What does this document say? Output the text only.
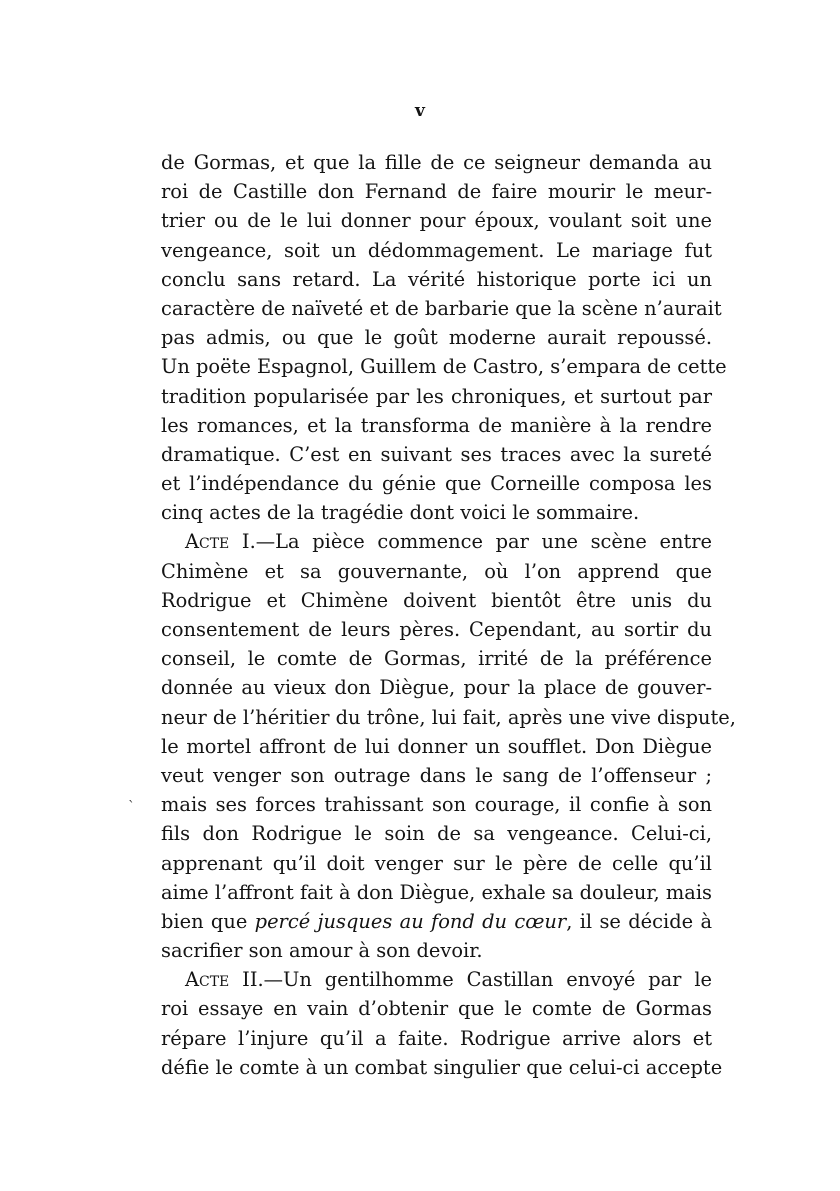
v
ˋ
de Gormas, et que la fille de ce seigneur demanda au
roi de Castille don Fernand de faire mourir le meur-
trier ou de le lui donner pour époux, voulant soit une
vengeance, soit un dédommagement. Le mariage fut
conclu sans retard. La vérité historique porte ici un
caractère de naïveté et de barbarie que la scène n’aurait
pas admis, ou que le goût moderne aurait repoussé.
Un poëte Espagnol, Guillem de Castro, s’empara de cette
tradition popularisée par les chroniques, et surtout par
les romances, et la transforma de manière à la rendre
dramatique. C’est en suivant ses traces avec la sureté
et l’indépendance du génie que Corneille composa les
cinq actes de la tragédie dont voici le sommaire.
Acte I.—La pièce commence par une scène entre
Chimène et sa gouvernante, où l’on apprend que
Rodrigue et Chimène doivent bientôt être unis du
consentement de leurs pères. Cependant, au sortir du
conseil, le comte de Gormas, irrité de la préférence
donnée au vieux don Diègue, pour la place de gouver-
neur de l’héritier du trône, lui fait, après une vive dispute,
le mortel affront de lui donner un soufflet. Don Diègue
veut venger son outrage dans le sang de l’offenseur ;
mais ses forces trahissant son courage, il confie à son
fils don Rodrigue le soin de sa vengeance. Celui-ci,
apprenant qu’il doit venger sur le père de celle qu’il
aime l’affront fait à don Diègue, exhale sa douleur, mais
bien que percé jusques au fond du cœur, il se décide à
sacrifier son amour à son devoir.
Acte II.—Un gentilhomme Castillan envoyé par le
roi essaye en vain d’obtenir que le comte de Gormas
répare l’injure qu’il a faite. Rodrigue arrive alors et
défie le comte à un combat singulier que celui-ci accepte
